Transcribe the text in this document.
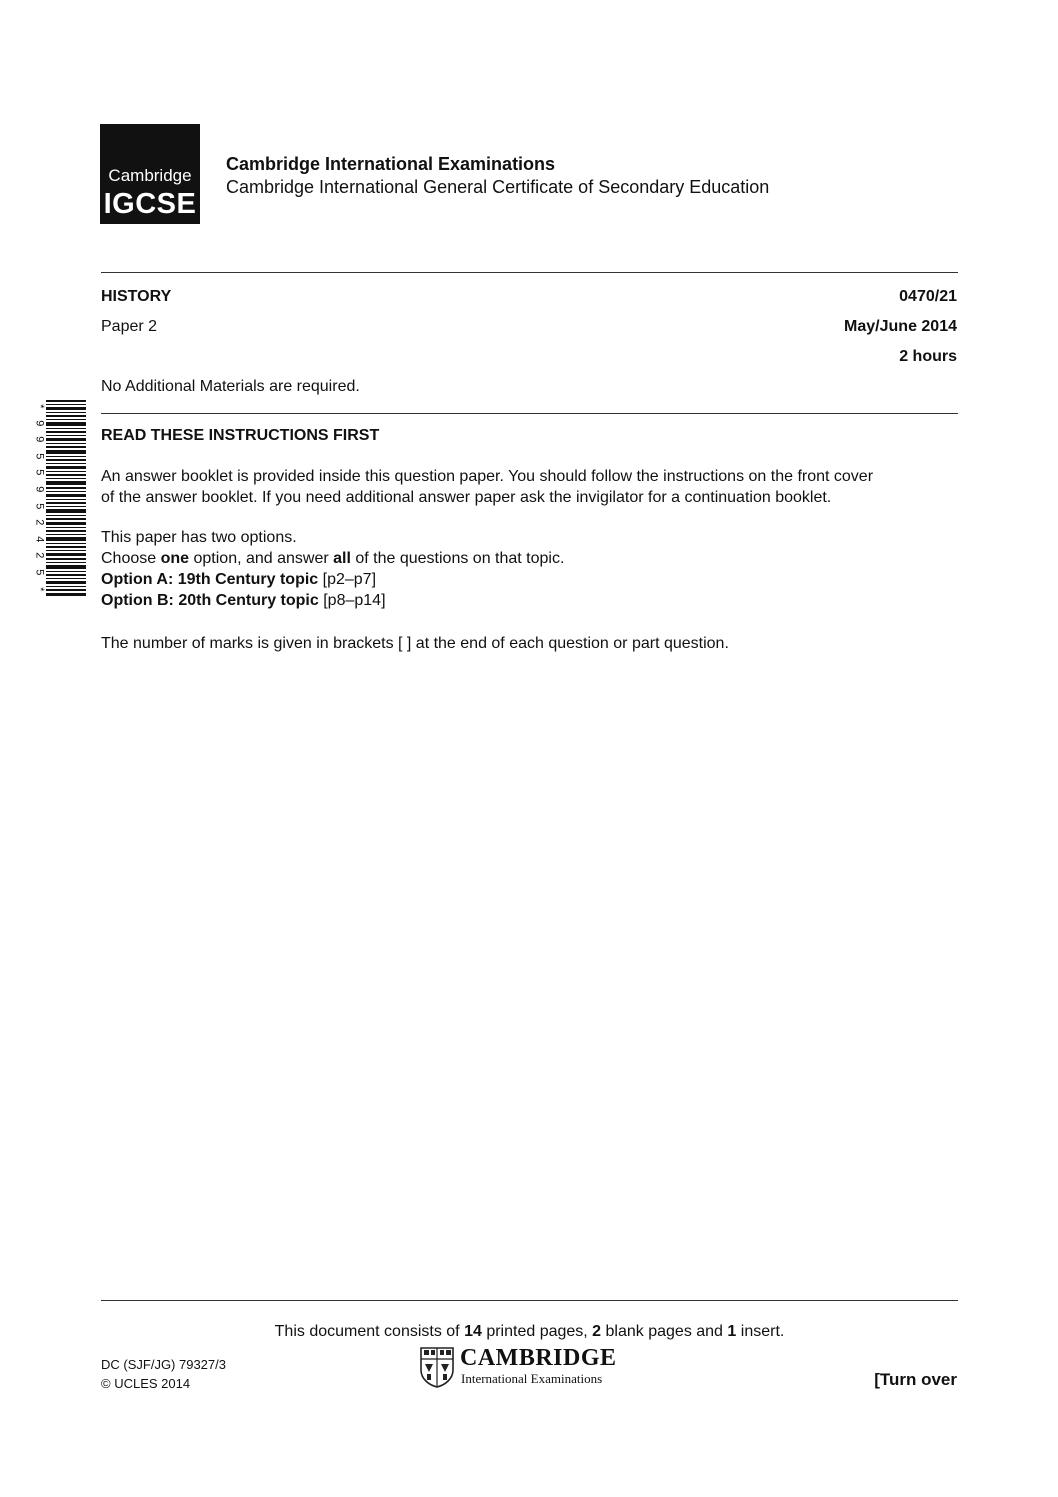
Cambridge
IGCSE
Cambridge International Examinations
Cambridge International General Certificate of Secondary Education
HISTORY	0470/21
Paper 2	May/June 2014
2 hours
No Additional Materials are required.
*
9
9
5
5
9
5
2
4
2
5
*
READ THESE INSTRUCTIONS FIRST
An answer booklet is provided inside this question paper. You should follow the instructions on the front cover
of the answer booklet. If you need additional answer paper ask the invigilator for a continuation booklet.
This paper has two options.
Choose one option, and answer all of the questions on that topic.
Option A: 19th Century topic [p2–p7]
Option B: 20th Century topic [p8–p14]
The number of marks is given in brackets [ ] at the end of each question or part question.
This document consists of 14 printed pages, 2 blank pages and 1 insert.
DC (SJF/JG) 79327/3
© UCLES 2014
CAMBRIDGE
International Examinations	[Turn over
